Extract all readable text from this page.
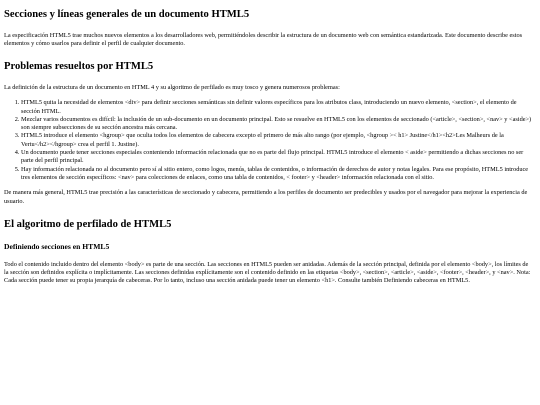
Secciones y líneas generales de un documento HTML5

La especificación HTML5 trae muchos nuevos elementos a los desarrolladores web, permitiéndoles describir la estructura de un documento web con semántica estandarizada. Este documento describe estos elementos y cómo usarlos para definir el perfil de cualquier documento.

Problemas resueltos por HTML5

La definición de la estructura de un documento en HTML 4 y su algoritmo de perfilado es muy tosco y genera numerosos problemas:

1. HTML5 quita la necesidad de elementos <div> para definir secciones semánticas sin definir valores específicos para los atributos class, introduciendo un nuevo elemento, <section>, el elemento de sección HTML.
2. Mezclar varios documentos es difícil: la inclusión de un sub-documento en un documento principal. Esto se resuelve en HTML5 con los elementos de seccionado (<article>, <section>, <nav> y <aside>) son siempre subsecciones de su sección ancestra más cercana.
3. HTML5 introduce el elemento <hgroup> que oculta todos los elementos de cabecera excepto el primero de más alto rango (por ejemplo, <hgroup >< h1> Justine</h1><h2>Les Malheurs de la Vertu</h2></hgroup> crea el perfil 1. Justine).
4. Un documento puede tener secciones especiales conteniendo información relacionada que no es parte del flujo principal. HTML5 introduce el elemento < aside> permitiendo a dichas secciones no ser parte del perfil principal.
5. Hay información relacionada no al documento pero sí al sitio entero, como logos, menús, tablas de contenidos, o información de derechos de autor y notas legales. Para ese propósito, HTML5 introduce tres elementos de sección específicos: <nav> para colecciones de enlaces, como una tabla de contenidos, < footer> y <header> información relacionada con el sitio.

De manera más general, HTML5 trae precisión a las características de seccionado y cabecera, permitiendo a los perfiles de documento ser predecibles y usados por el navegador para mejorar la experiencia de usuario.

El algoritmo de perfilado de HTML5
Definiendo secciones en HTML5

Todo el contenido incluido dentro del elemento <body> es parte de una sección. Las secciones en HTML5 pueden ser anidadas. Además de la sección principal, definida por el elemento <body>, los límites de la sección son definidos explícita o implícitamente. Las secciones definidas explícitamente son el contenido definido en las etiquetas <body>, <section>, <article>, <aside>, <footer>, <header>, y <nav>. Nota: Cada sección puede tener su propia jerarquía de cabeceras. Por lo tanto, incluso una sección anidada puede tener un elemento <h1>. Consulte también Definiendo cabeceras en HTML5.
